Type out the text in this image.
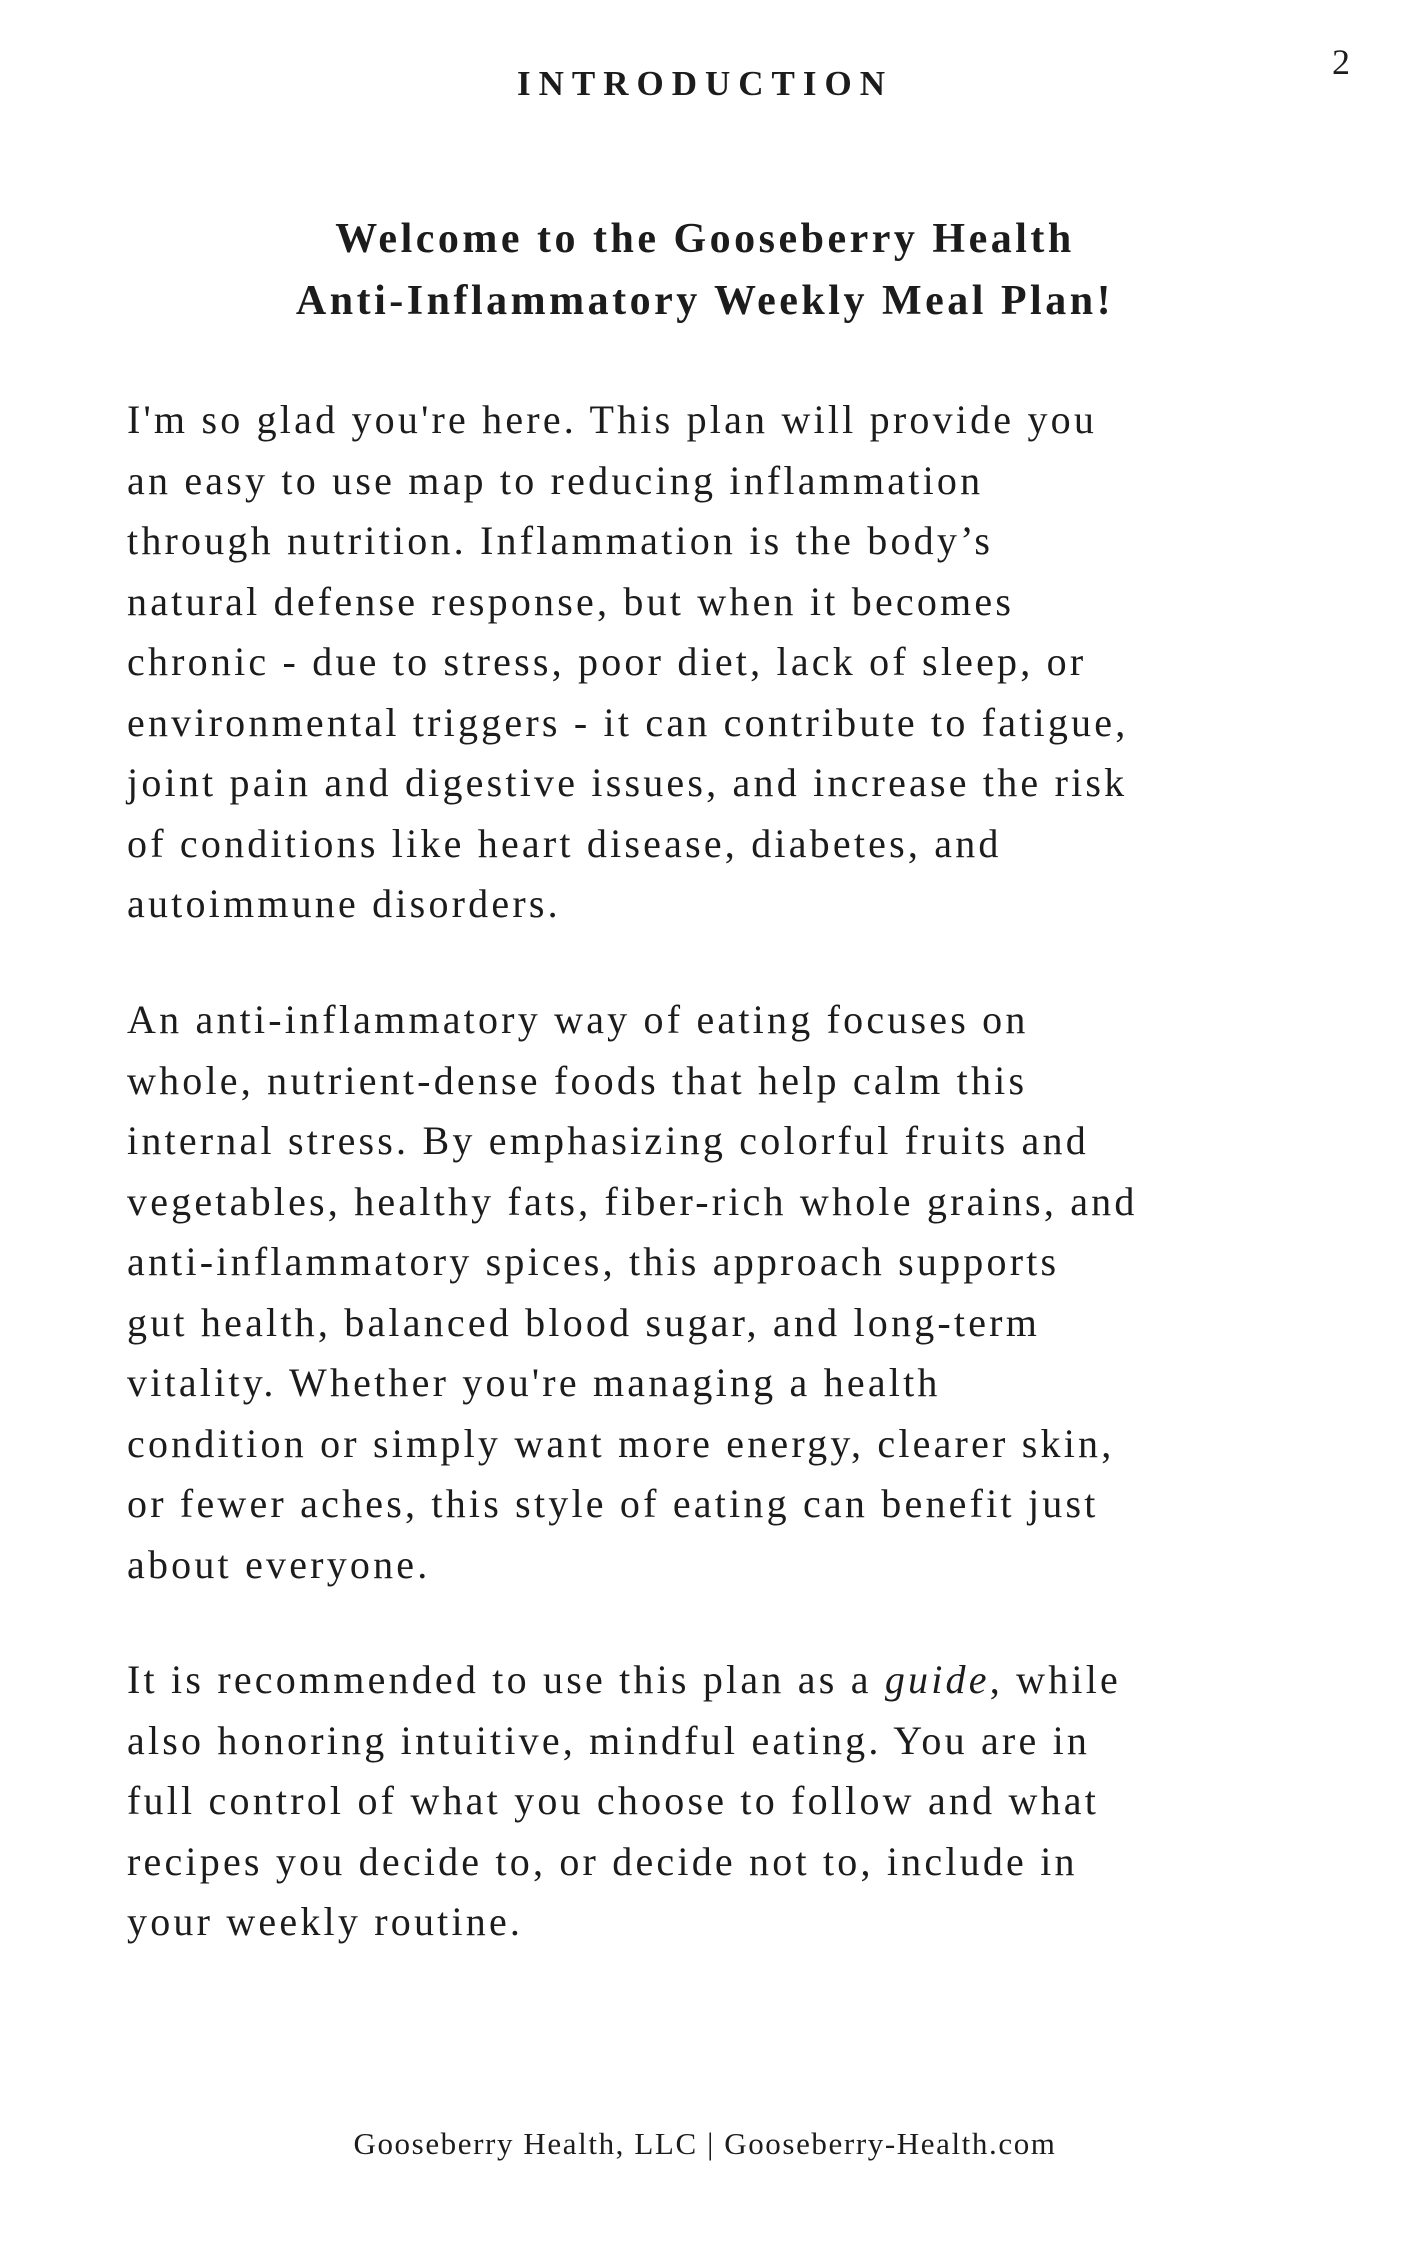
2
INTRODUCTION
Welcome to the Gooseberry Health
Anti-Inflammatory Weekly Meal Plan!
I'm so glad you're here. This plan will provide you
an easy to use map to reducing inflammation
through nutrition. Inflammation is the body’s
natural defense response, but when it becomes
chronic - due to stress, poor diet, lack of sleep, or
environmental triggers - it can contribute to fatigue,
joint pain and digestive issues, and increase the risk
of conditions like heart disease, diabetes, and
autoimmune disorders.
An anti-inflammatory way of eating focuses on
whole, nutrient-dense foods that help calm this
internal stress. By emphasizing colorful fruits and
vegetables, healthy fats, fiber-rich whole grains, and
anti-inflammatory spices, this approach supports
gut health, balanced blood sugar, and long-term
vitality. Whether you're managing a health
condition or simply want more energy, clearer skin,
or fewer aches, this style of eating can benefit just
about everyone.
It is recommended to use this plan as a guide, while
also honoring intuitive, mindful eating. You are in
full control of what you choose to follow and what
recipes you decide to, or decide not to, include in
your weekly routine.
Gooseberry Health, LLC | Gooseberry-Health.com
